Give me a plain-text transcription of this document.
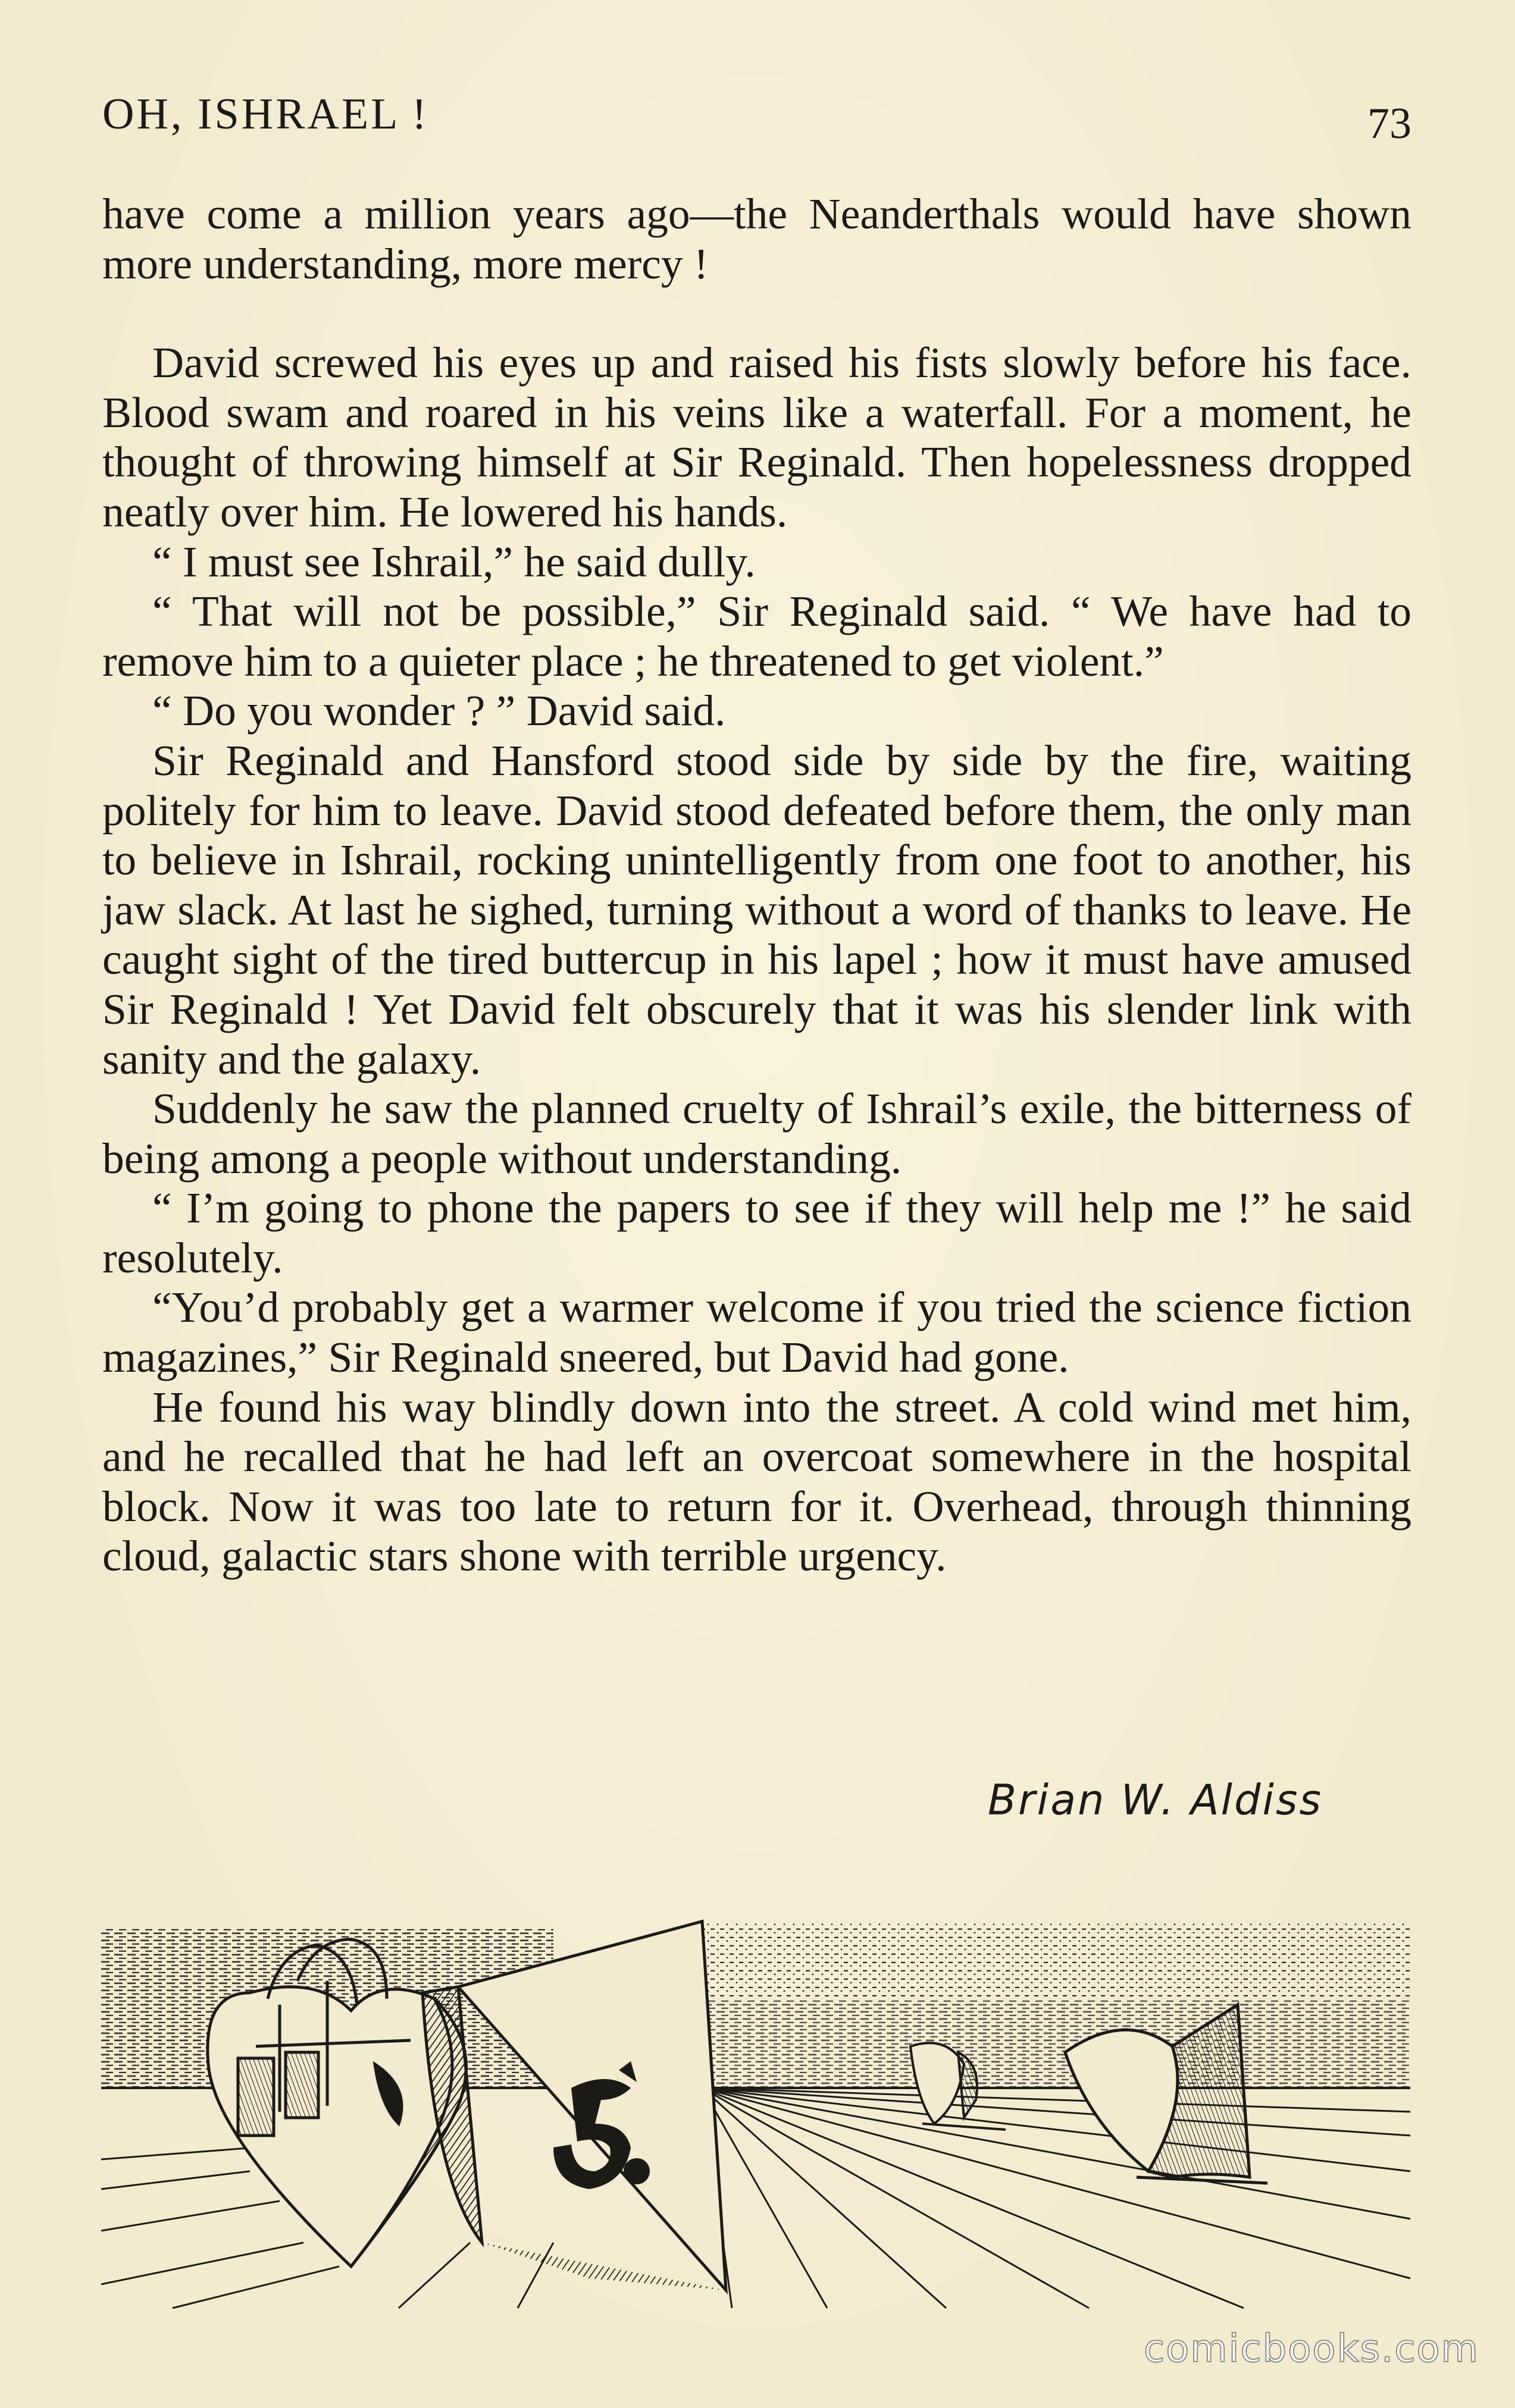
OH, ISHRAEL !	73

have come a million years ago—the Neanderthals would have shown more understanding, more mercy !

David screwed his eyes up and raised his fists slowly before his face. Blood swam and roared in his veins like a waterfall. For a moment, he thought of throwing himself at Sir Reginald. Then hopelessness dropped neatly over him. He lowered his hands.

“ I must see Ishrail,” he said dully.

“ That will not be possible,” Sir Reginald said. “ We have had to remove him to a quieter place ; he threatened to get violent.”

“ Do you wonder ? ” David said.

Sir Reginald and Hansford stood side by side by the fire, waiting politely for him to leave. David stood defeated before them, the only man to believe in Ishrail, rocking unintelligently from one foot to another, his jaw slack. At last he sighed, turning without a word of thanks to leave. He caught sight of the tired buttercup in his lapel ; how it must have amused Sir Reginald ! Yet David felt obscurely that it was his slender link with sanity and the galaxy.

Suddenly he saw the planned cruelty of Ishrail’s exile, the bitterness of being among a people without understanding.

“ I’m going to phone the papers to see if they will help me !” he said resolutely.

“You’d probably get a warmer welcome if you tried the science fiction magazines,” Sir Reginald sneered, but David had gone.

He found his way blindly down into the street. A cold wind met him, and he recalled that he had left an overcoat somewhere in the hospital block. Now it was too late to return for it. Overhead, through thinning cloud, galactic stars shone with terrible urgency.

Brian W. Aldiss
comicbooks.com
